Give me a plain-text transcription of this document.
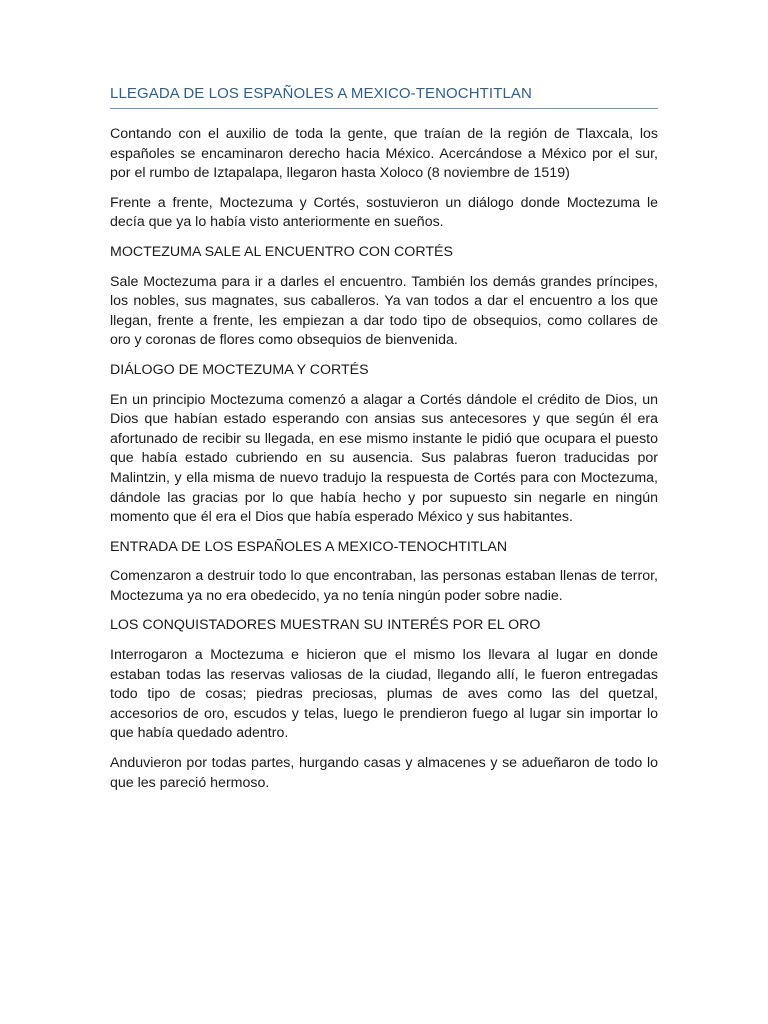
LLEGADA DE LOS ESPAÑOLES A MEXICO-TENOCHTITLAN

Contando con el auxilio de toda la gente, que traían de la región de Tlaxcala, los españoles se encaminaron derecho hacia México. Acercándose a México por el sur, por el rumbo de Iztapalapa, llegaron hasta Xoloco (8 noviembre de 1519)

Frente a frente, Moctezuma y Cortés, sostuvieron un diálogo donde Moctezuma le decía que ya lo había visto anteriormente en sueños.

MOCTEZUMA SALE AL ENCUENTRO CON CORTÉS

Sale Moctezuma para ir a darles el encuentro. También los demás grandes príncipes, los nobles, sus magnates, sus caballeros. Ya van todos a dar el encuentro a los que llegan, frente a frente, les empiezan a dar todo tipo de obsequios, como collares de oro y coronas de flores como obsequios de bienvenida.

DIÁLOGO DE MOCTEZUMA Y CORTÉS

En un principio Moctezuma comenzó a alagar a Cortés dándole el crédito de Dios, un Dios que habían estado esperando con ansias sus antecesores y que según él era afortunado de recibir su llegada, en ese mismo instante le pidió que ocupara el puesto que había estado cubriendo en su ausencia. Sus palabras fueron traducidas por Malintzin, y ella misma de nuevo tradujo la respuesta de Cortés para con Moctezuma, dándole las gracias por lo que había hecho y por supuesto sin negarle en ningún momento que él era el Dios que había esperado México y sus habitantes.

ENTRADA DE LOS ESPAÑOLES A MEXICO-TENOCHTITLAN

Comenzaron a destruir todo lo que encontraban, las personas estaban llenas de terror, Moctezuma ya no era obedecido, ya no tenía ningún poder sobre nadie.

LOS CONQUISTADORES MUESTRAN SU INTERÉS POR EL ORO

Interrogaron a Moctezuma e hicieron que el mismo los llevara al lugar en donde estaban todas las reservas valiosas de la ciudad, llegando allí, le fueron entregadas todo tipo de cosas; piedras preciosas, plumas de aves como las del quetzal, accesorios de oro, escudos y telas, luego le prendieron fuego al lugar sin importar lo que había quedado adentro.

Anduvieron por todas partes, hurgando casas y almacenes y se adueñaron de todo lo que les pareció hermoso.
